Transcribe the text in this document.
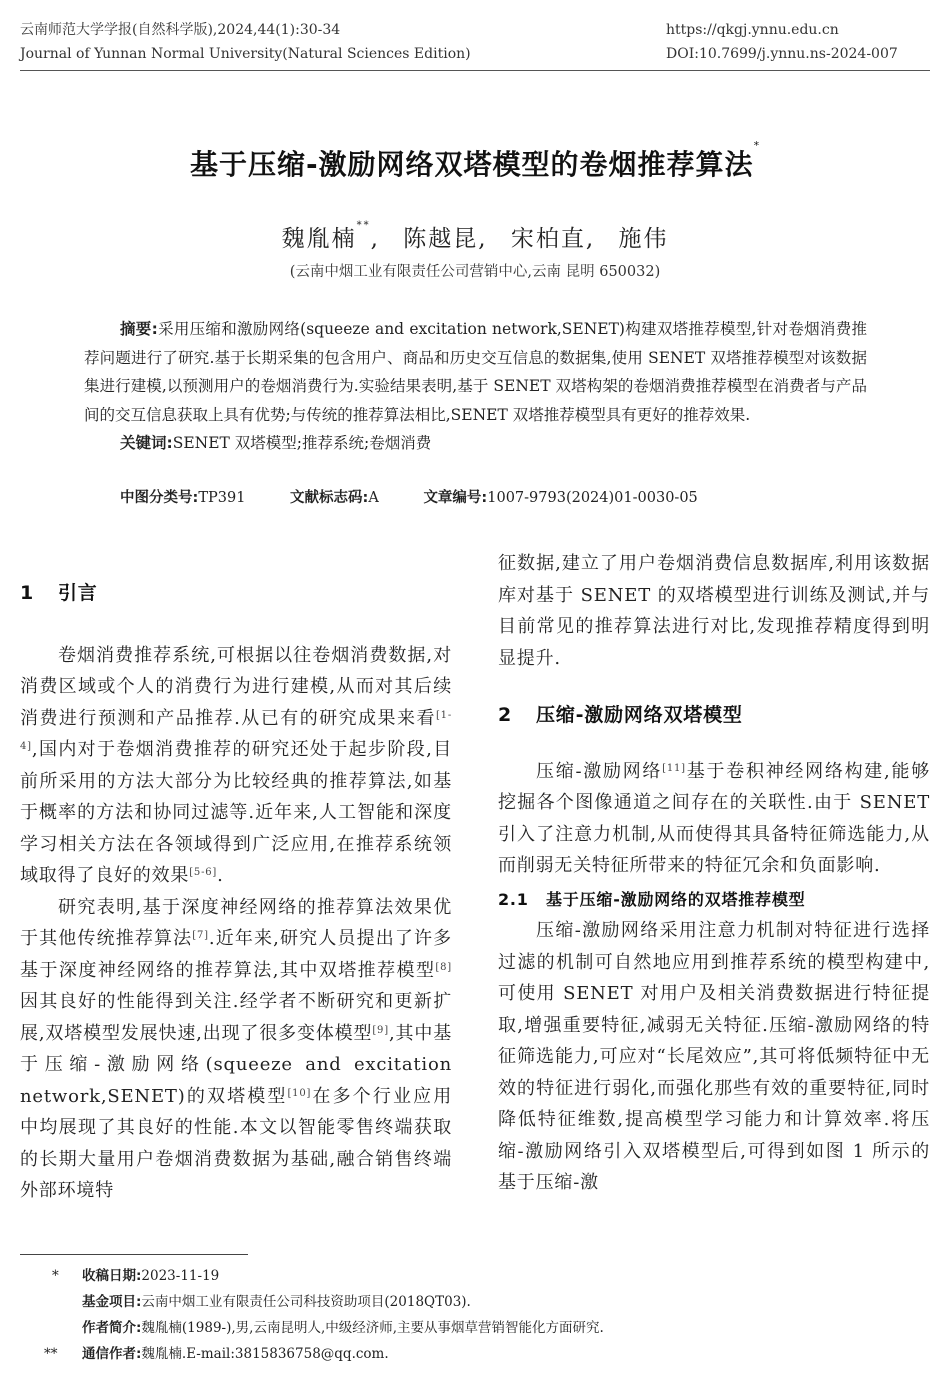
云南师范大学学报(自然科学版),2024,44(1):30-34
Journal of Yunnan Normal University(Natural Sciences Edition)
https://qkgj.ynnu.edu.cn
DOI:10.7699/j.ynnu.ns-2024-007
基于压缩-激励网络双塔模型的卷烟推荐算法*
魏胤楠**, 陈越昆, 宋柏直, 施伟
(云南中烟工业有限责任公司营销中心,云南 昆明 650032)

摘要:采用压缩和激励网络(squeeze and excitation network,SENET)构建双塔推荐模型,针对卷烟消费推荐问题进行了研究.基于长期采集的包含用户、商品和历史交互信息的数据集,使用 SENET 双塔推荐模型对该数据集进行建模,以预测用户的卷烟消费行为.实验结果表明,基于 SENET 双塔构架的卷烟消费推荐模型在消费者与产品间的交互信息获取上具有优势;与传统的推荐算法相比,SENET 双塔推荐模型具有更好的推荐效果.

关键词:SENET 双塔模型;推荐系统;卷烟消费

中图分类号:TP391	文献标志码:A	文章编号:1007-9793(2024)01-0030-05
1 引言

卷烟消费推荐系统,可根据以往卷烟消费数据,对消费区域或个人的消费行为进行建模,从而对其后续消费进行预测和产品推荐.从已有的研究成果来看[1-4],国内对于卷烟消费推荐的研究还处于起步阶段,目前所采用的方法大部分为比较经典的推荐算法,如基于概率的方法和协同过滤等.近年来,人工智能和深度学习相关方法在各领域得到广泛应用,在推荐系统领域取得了良好的效果[5-6].

研究表明,基于深度神经网络的推荐算法效果优于其他传统推荐算法[7].近年来,研究人员提出了许多基于深度神经网络的推荐算法,其中双塔推荐模型[8]因其良好的性能得到关注.经学者不断研究和更新扩展,双塔模型发展快速,出现了很多变体模型[9],其中基于压缩-激励网络(squeeze and excitation network,SENET)的双塔模型[10]在多个行业应用中均展现了其良好的性能.本文以智能零售终端获取的长期大量用户卷烟消费数据为基础,融合销售终端外部环境特

征数据,建立了用户卷烟消费信息数据库,利用该数据库对基于 SENET 的双塔模型进行训练及测试,并与目前常见的推荐算法进行对比,发现推荐精度得到明显提升.

2 压缩-激励网络双塔模型

压缩-激励网络[11]基于卷积神经网络构建,能够挖掘各个图像通道之间存在的关联性.由于 SENET 引入了注意力机制,从而使得其具备特征筛选能力,从而削弱无关特征所带来的特征冗余和负面影响.

2.1 基于压缩-激励网络的双塔推荐模型

压缩-激励网络采用注意力机制对特征进行选择过滤的机制可自然地应用到推荐系统的模型构建中,可使用 SENET 对用户及相关消费数据进行特征提取,增强重要特征,减弱无关特征.压缩-激励网络的特征筛选能力,可应对“长尾效应”,其可将低频特征中无效的特征进行弱化,而强化那些有效的重要特征,同时降低特征维数,提高模型学习能力和计算效率.将压缩-激励网络引入双塔模型后,可得到如图 1 所示的基于压缩-激

* 收稿日期:2023-11-19
基金项目:云南中烟工业有限责任公司科技资助项目(2018QT03).
作者简介:魏胤楠(1989-),男,云南昆明人,中级经济师,主要从事烟草营销智能化方面研究.
** 通信作者:魏胤楠.E-mail:3815836758@qq.com.
